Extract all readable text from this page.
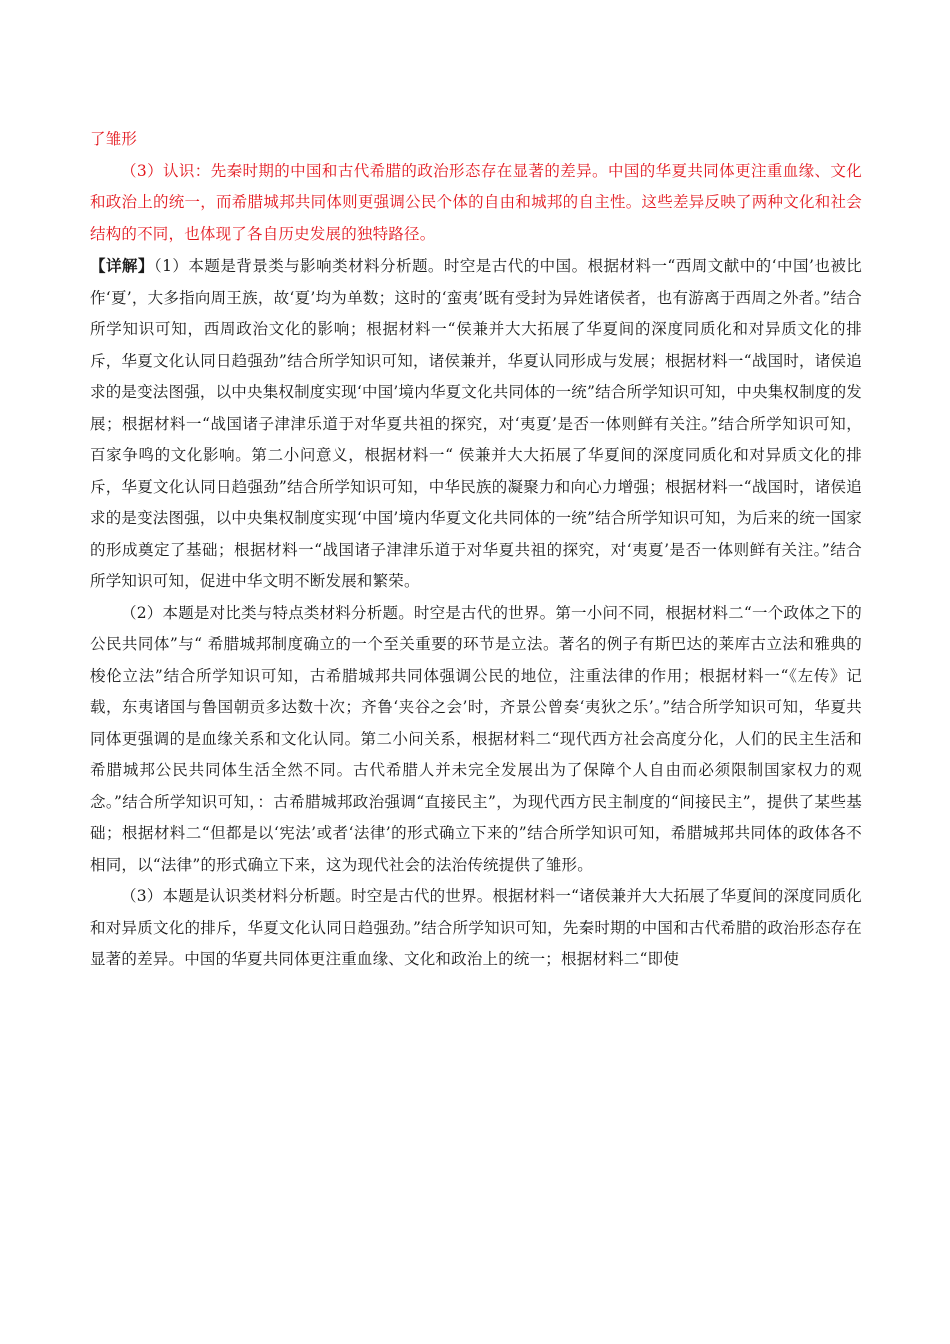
了雏形

（3）认识：先秦时期的中国和古代希腊的政治形态存在显著的差异。中国的华夏共同体更注重血缘、文化和政治上的统一，而希腊城邦共同体则更强调公民个体的自由和城邦的自主性。这些差异反映了两种文化和社会结构的不同，也体现了各自历史发展的独特路径。

【详解】（1）本题是背景类与影响类材料分析题。时空是古代的中国。根据材料一“西周文献中的‘中国’也被比作‘夏’，大多指向周王族，故‘夏’均为单数；这时的‘蛮夷’既有受封为异姓诸侯者，也有游离于西周之外者。”结合所学知识可知，西周政治文化的影响；根据材料一“侯兼并大大拓展了华夏间的深度同质化和对异质文化的排斥，华夏文化认同日趋强劲”结合所学知识可知，诸侯兼并，华夏认同形成与发展；根据材料一“战国时，诸侯追求的是变法图强，以中央集权制度实现‘中国’境内华夏文化共同体的一统”结合所学知识可知，中央集权制度的发展；根据材料一“战国诸子津津乐道于对华夏共祖的探究，对‘夷夏’是否一体则鲜有关注。”结合所学知识可知，百家争鸣的文化影响。第二小问意义，根据材料一“ 侯兼并大大拓展了华夏间的深度同质化和对异质文化的排斥，华夏文化认同日趋强劲”结合所学知识可知，中华民族的凝聚力和向心力增强；根据材料一“战国时，诸侯追求的是变法图强，以中央集权制度实现‘中国’境内华夏文化共同体的一统”结合所学知识可知，为后来的统一国家的形成奠定了基础；根据材料一“战国诸子津津乐道于对华夏共祖的探究，对‘夷夏’是否一体则鲜有关注。”结合所学知识可知，促进中华文明不断发展和繁荣。

（2）本题是对比类与特点类材料分析题。时空是古代的世界。第一小问不同，根据材料二“一个政体之下的公民共同体”与“ 希腊城邦制度确立的一个至关重要的环节是立法。著名的例子有斯巴达的莱库古立法和雅典的梭伦立法”结合所学知识可知，古希腊城邦共同体强调公民的地位，注重法律的作用；根据材料一“《左传》记载，东夷诸国与鲁国朝贡多达数十次；齐鲁‘夹谷之会’时，齐景公曾奏‘夷狄之乐’。”结合所学知识可知，华夏共同体更强调的是血缘关系和文化认同。第二小问关系，根据材料二“现代西方社会高度分化，人们的民主生活和希腊城邦公民共同体生活全然不同。古代希腊人并未完全发展出为了保障个人自由而必须限制国家权力的观念。”结合所学知识可知，：古希腊城邦政治强调“直接民主”，为现代西方民主制度的“间接民主”，提供了某些基础；根据材料二“但都是以‘宪法’或者‘法律’的形式确立下来的”结合所学知识可知，希腊城邦共同体的政体各不相同，以“法律”的形式确立下来，这为现代社会的法治传统提供了雏形。

（3）本题是认识类材料分析题。时空是古代的世界。根据材料一“诸侯兼并大大拓展了华夏间的深度同质化和对异质文化的排斥，华夏文化认同日趋强劲。”结合所学知识可知，先秦时期的中国和古代希腊的政治形态存在显著的差异。中国的华夏共同体更注重血缘、文化和政治上的统一；根据材料二“即使
